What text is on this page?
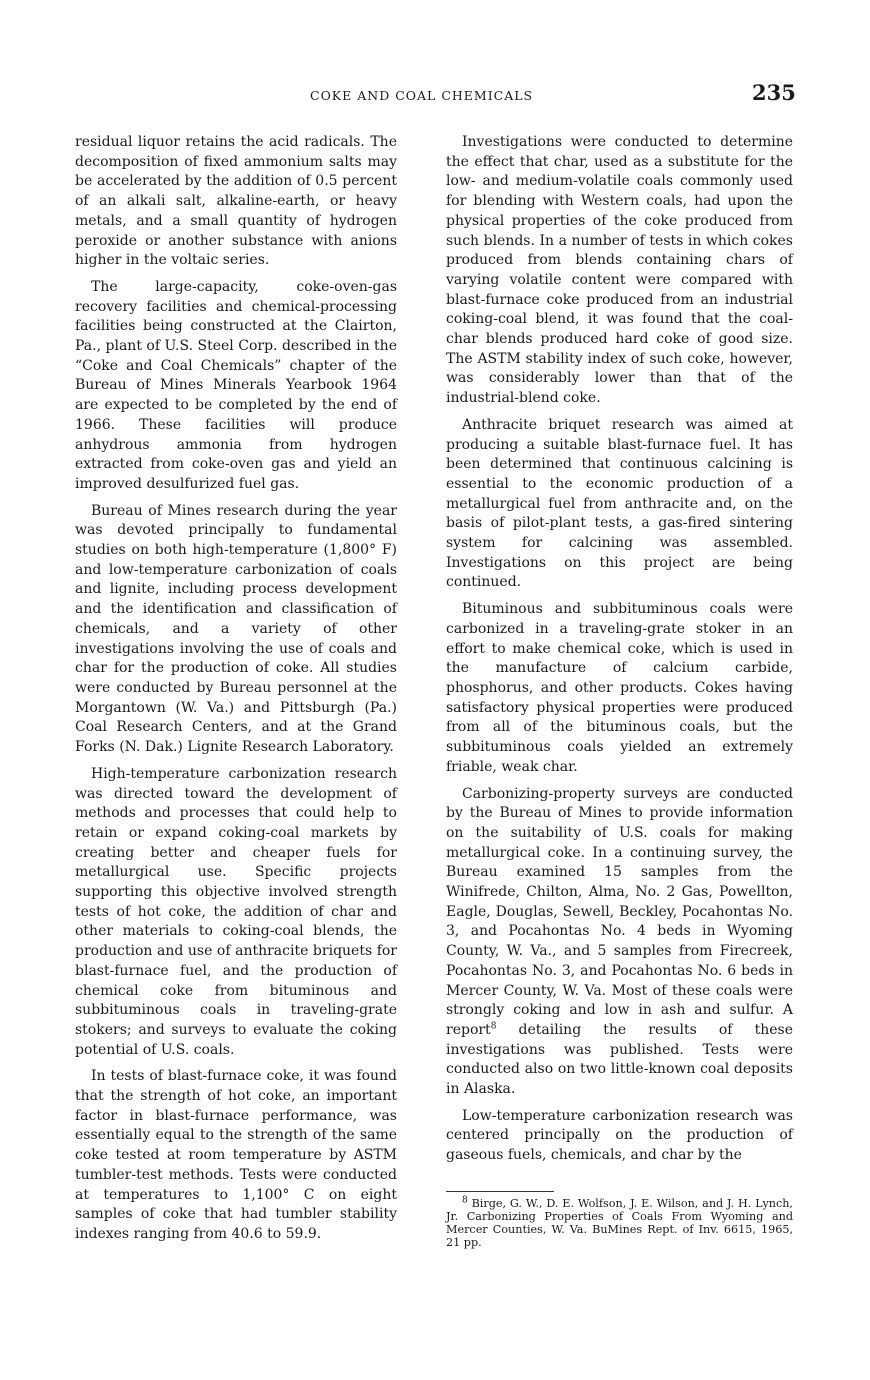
COKE AND COAL CHEMICALS	235

residual liquor retains the acid radicals. The decomposition of fixed ammonium salts may be accelerated by the addition of 0.5 percent of an alkali salt, alkaline-earth, or heavy metals, and a small quantity of hydrogen peroxide or another substance with anions higher in the voltaic series.

The large-capacity, coke-oven-gas recovery facilities and chemical-processing facilities being constructed at the Clairton, Pa., plant of U.S. Steel Corp. described in the “Coke and Coal Chemicals” chapter of the Bureau of Mines Minerals Yearbook 1964 are expected to be completed by the end of 1966. These facilities will produce anhydrous ammonia from hydrogen extracted from coke-oven gas and yield an improved desulfurized fuel gas.

Bureau of Mines research during the year was devoted principally to fundamental studies on both high-temperature (1,800° F) and low-temperature carbonization of coals and lignite, including process development and the identification and classification of chemicals, and a variety of other investigations involving the use of coals and char for the production of coke. All studies were conducted by Bureau personnel at the Morgantown (W. Va.) and Pittsburgh (Pa.) Coal Research Centers, and at the Grand Forks (N. Dak.) Lignite Research Laboratory.

High-temperature carbonization research was directed toward the development of methods and processes that could help to retain or expand coking-coal markets by creating better and cheaper fuels for metallurgical use. Specific projects supporting this objective involved strength tests of hot coke, the addition of char and other materials to coking-coal blends, the production and use of anthracite briquets for blast-furnace fuel, and the production of chemical coke from bituminous and subbituminous coals in traveling-grate stokers; and surveys to evaluate the coking potential of U.S. coals.

In tests of blast-furnace coke, it was found that the strength of hot coke, an important factor in blast-furnace performance, was essentially equal to the strength of the same coke tested at room temperature by ASTM tumbler-test methods. Tests were conducted at temperatures to 1,100° C on eight samples of coke that had tumbler stability indexes ranging from 40.6 to 59.9.

Investigations were conducted to determine the effect that char, used as a substitute for the low- and medium-volatile coals commonly used for blending with Western coals, had upon the physical properties of the coke produced from such blends. In a number of tests in which cokes produced from blends containing chars of varying volatile content were compared with blast-furnace coke produced from an industrial coking-coal blend, it was found that the coal-char blends produced hard coke of good size. The ASTM stability index of such coke, however, was considerably lower than that of the industrial-blend coke.

Anthracite briquet research was aimed at producing a suitable blast-furnace fuel. It has been determined that continuous calcining is essential to the economic production of a metallurgical fuel from anthracite and, on the basis of pilot-plant tests, a gas-fired sintering system for calcining was assembled. Investigations on this project are being continued.

Bituminous and subbituminous coals were carbonized in a traveling-grate stoker in an effort to make chemical coke, which is used in the manufacture of calcium carbide, phosphorus, and other products. Cokes having satisfactory physical properties were produced from all of the bituminous coals, but the subbituminous coals yielded an extremely friable, weak char.

Carbonizing-property surveys are conducted by the Bureau of Mines to provide information on the suitability of U.S. coals for making metallurgical coke. In a continuing survey, the Bureau examined 15 samples from the Winifrede, Chilton, Alma, No. 2 Gas, Powellton, Eagle, Douglas, Sewell, Beckley, Pocahontas No. 3, and Pocahontas No. 4 beds in Wyoming County, W. Va., and 5 samples from Firecreek, Pocahontas No. 3, and Pocahontas No. 6 beds in Mercer County, W. Va. Most of these coals were strongly coking and low in ash and sulfur. A report$^8$ detailing the results of these investigations was published. Tests were conducted also on two little-known coal deposits in Alaska.

Low-temperature carbonization research was centered principally on the production of gaseous fuels, chemicals, and char by the

$^8$ Birge, G. W., D. E. Wolfson, J. E. Wilson, and J. H. Lynch, Jr. Carbonizing Properties of Coals From Wyoming and Mercer Counties, W. Va. BuMines Rept. of Inv. 6615, 1965, 21 pp.
